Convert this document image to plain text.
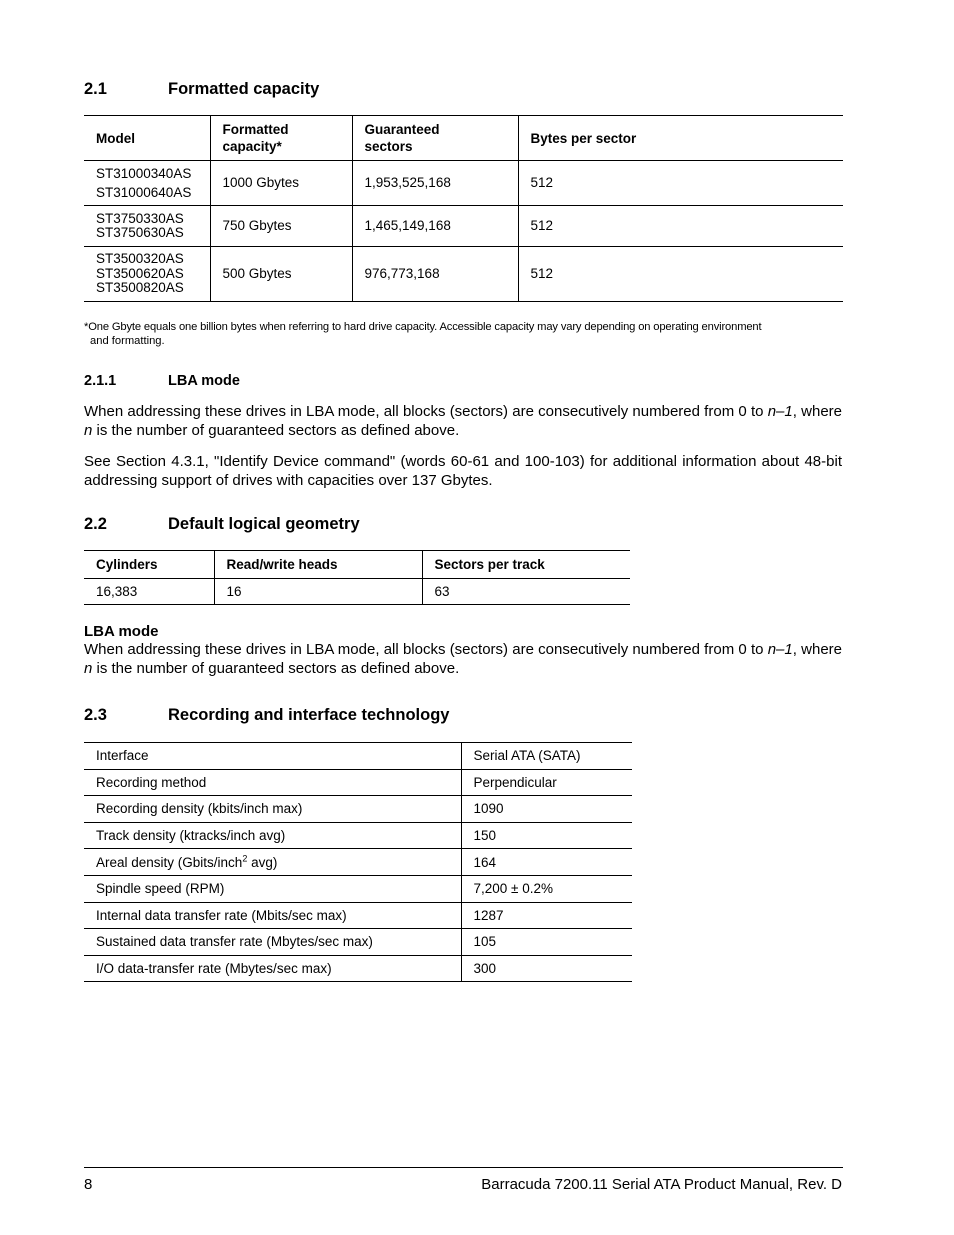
2.1	Formatted capacity
Model	Formatted capacity*	Guaranteed sectors	Bytes per sector

ST31000340AS
ST31000640AS	1000 Gbytes	1,953,525,168	512

ST3750330AS
ST3750630AS	750 Gbytes	1,465,149,168	512

ST3500320AS
ST3500620AS
ST3500820AS	500 Gbytes	976,773,168	512
*One Gbyte equals one billion bytes when referring to hard drive capacity. Accessible capacity may vary depending on operating environment
and formatting.
2.1.1	LBA mode
When addressing these drives in LBA mode, all blocks (sectors) are consecutively numbered from 0 to n–1, where n is the number of guaranteed sectors as defined above.
See Section 4.3.1, "Identify Device command" (words 60-61 and 100-103) for additional information about 48-bit addressing support of drives with capacities over 137 Gbytes.
2.2	Default logical geometry
Cylinders	Read/write heads	Sectors per track
16,383	16	63
LBA mode
When addressing these drives in LBA mode, all blocks (sectors) are consecutively numbered from 0 to n–1, where n is the number of guaranteed sectors as defined above.
2.3	Recording and interface technology
Interface	Serial ATA (SATA)
Recording method	Perpendicular
Recording density (kbits/inch max)	1090
Track density (ktracks/inch avg)	150
Areal density (Gbits/inch$^2$ avg)	164
Spindle speed (RPM)	7,200 ± 0.2%
Internal data transfer rate (Mbits/sec max)	1287
Sustained data transfer rate (Mbytes/sec max)	105
I/O data-transfer rate (Mbytes/sec max)	300
8	Barracuda 7200.11 Serial ATA Product Manual, Rev. D
